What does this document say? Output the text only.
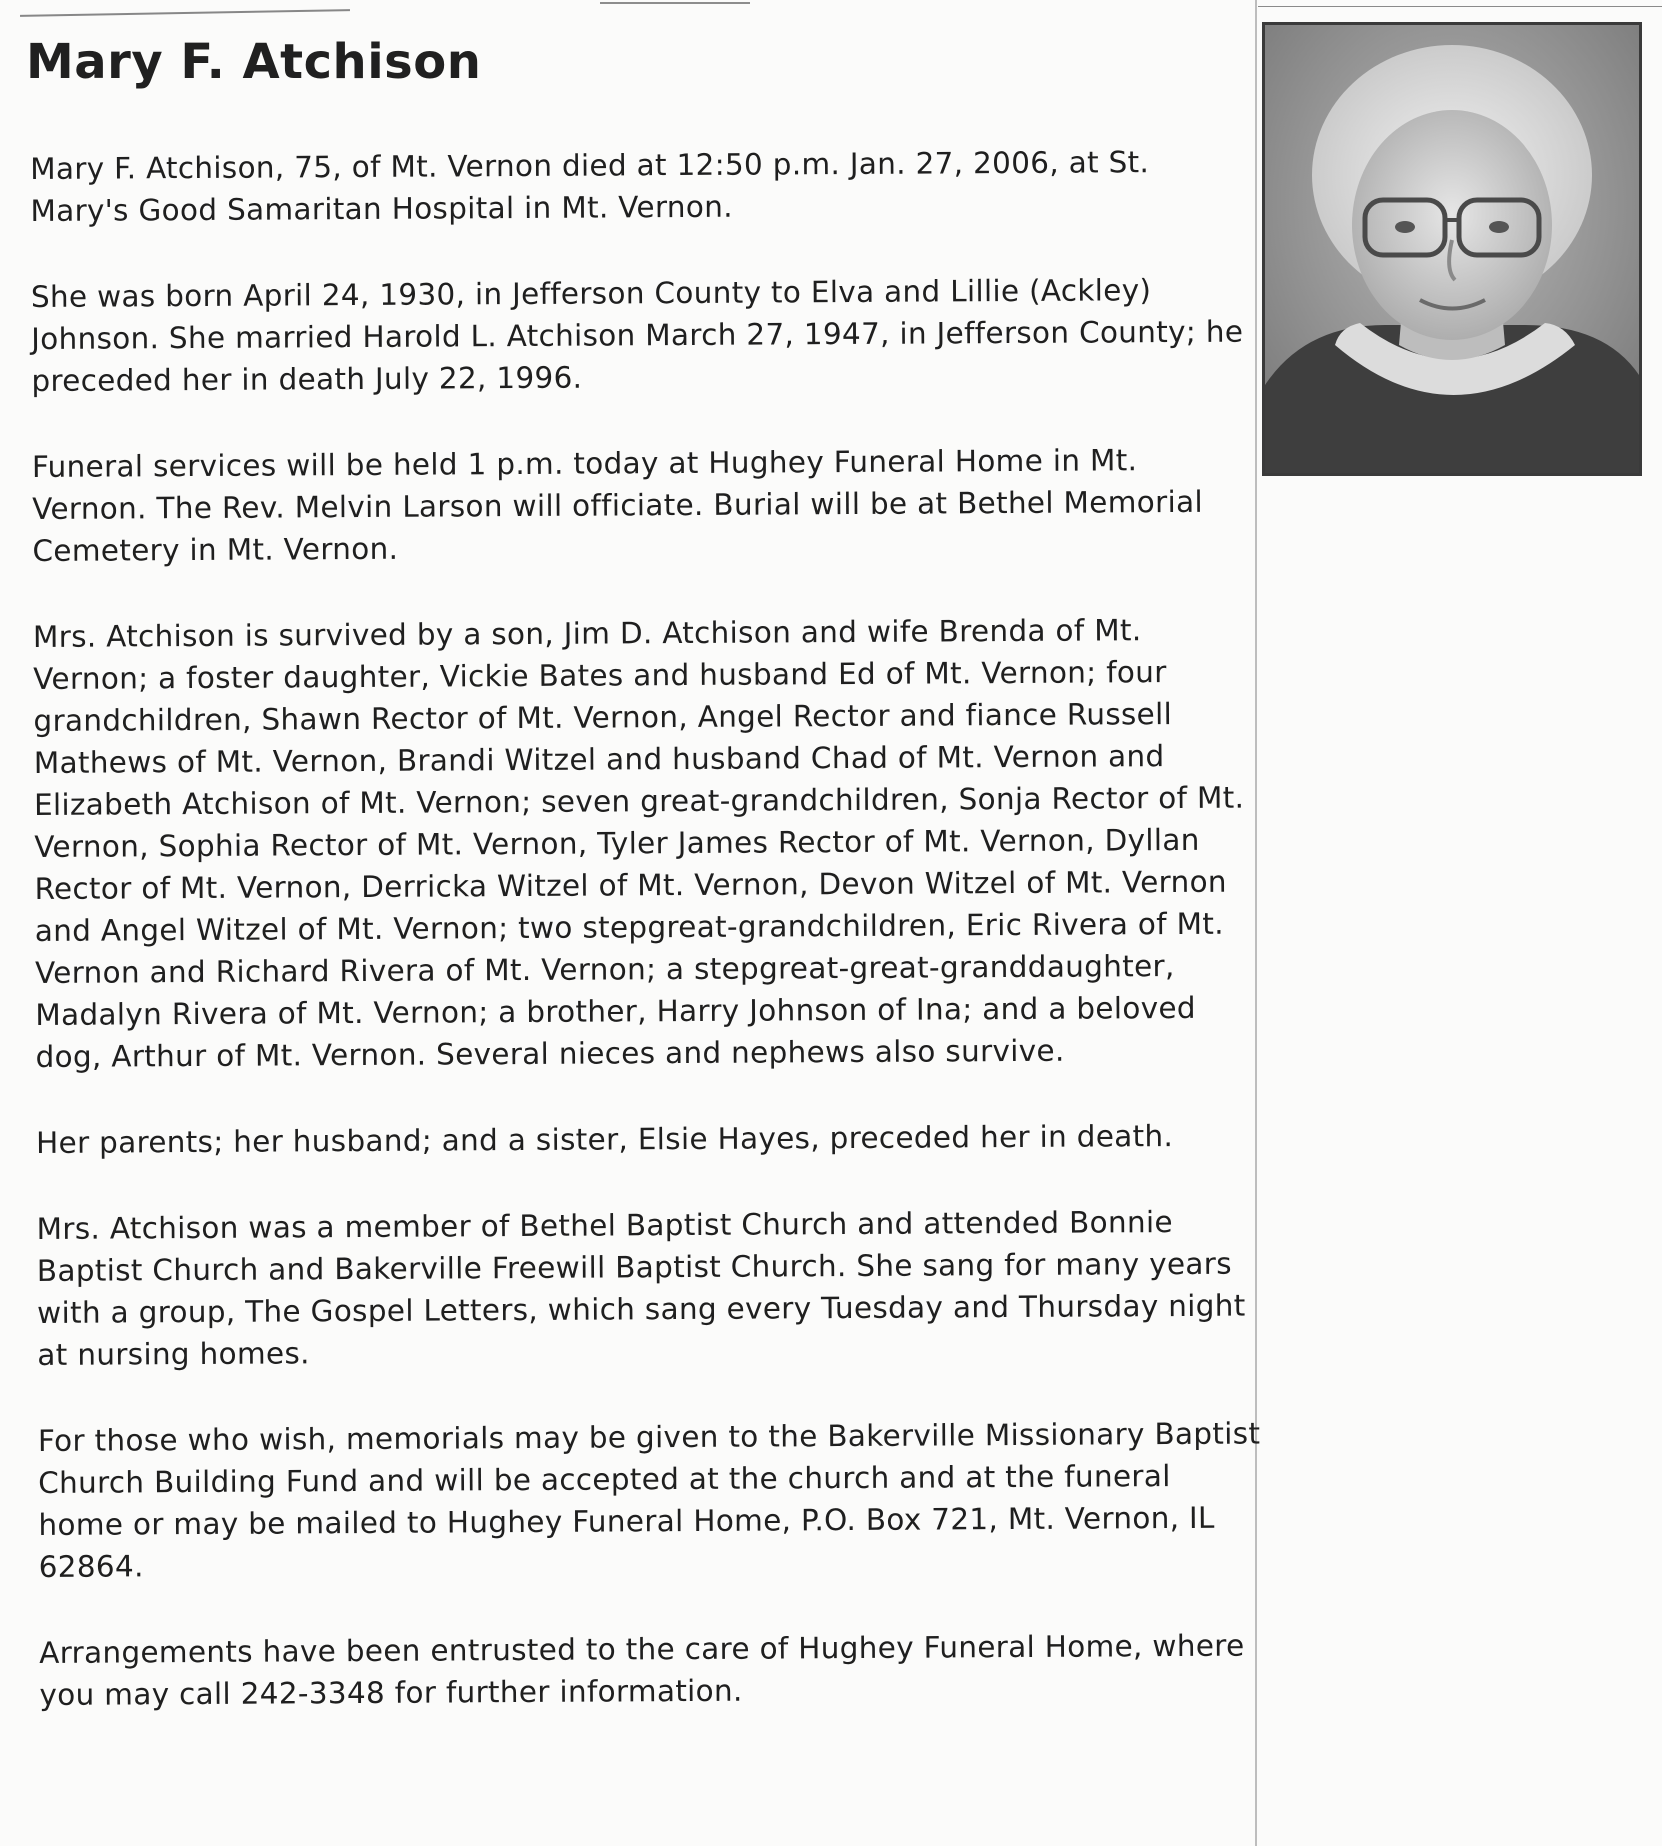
Mary F. Atchison

Mary F. Atchison, 75, of Mt. Vernon died at 12:50 p.m. Jan. 27, 2006, at St. Mary's Good Samaritan Hospital in Mt. Vernon.

She was born April 24, 1930, in Jefferson County to Elva and Lillie (Ackley) Johnson. She married Harold L. Atchison March 27, 1947, in Jefferson County; he preceded her in death July 22, 1996.

Funeral services will be held 1 p.m. today at Hughey Funeral Home in Mt. Vernon. The Rev. Melvin Larson will officiate. Burial will be at Bethel Memorial Cemetery in Mt. Vernon.

Mrs. Atchison is survived by a son, Jim D. Atchison and wife Brenda of Mt. Vernon; a foster daughter, Vickie Bates and husband Ed of Mt. Vernon; four grandchildren, Shawn Rector of Mt. Vernon, Angel Rector and fiance Russell Mathews of Mt. Vernon, Brandi Witzel and husband Chad of Mt. Vernon and Elizabeth Atchison of Mt. Vernon; seven great-grandchildren, Sonja Rector of Mt. Vernon, Sophia Rector of Mt. Vernon, Tyler James Rector of Mt. Vernon, Dyllan Rector of Mt. Vernon, Derricka Witzel of Mt. Vernon, Devon Witzel of Mt. Vernon and Angel Witzel of Mt. Vernon; two stepgreat-grandchildren, Eric Rivera of Mt. Vernon and Richard Rivera of Mt. Vernon; a stepgreat-great-granddaughter, Madalyn Rivera of Mt. Vernon; a brother, Harry Johnson of Ina; and a beloved dog, Arthur of Mt. Vernon. Several nieces and nephews also survive.

Her parents; her husband; and a sister, Elsie Hayes, preceded her in death.

Mrs. Atchison was a member of Bethel Baptist Church and attended Bonnie Baptist Church and Bakerville Freewill Baptist Church. She sang for many years with a group, The Gospel Letters, which sang every Tuesday and Thursday night at nursing homes.

For those who wish, memorials may be given to the Bakerville Missionary Baptist Church Building Fund and will be accepted at the church and at the funeral home or may be mailed to Hughey Funeral Home, P.O. Box 721, Mt. Vernon, IL 62864.

Arrangements have been entrusted to the care of Hughey Funeral Home, where you may call 242-3348 for further information.
